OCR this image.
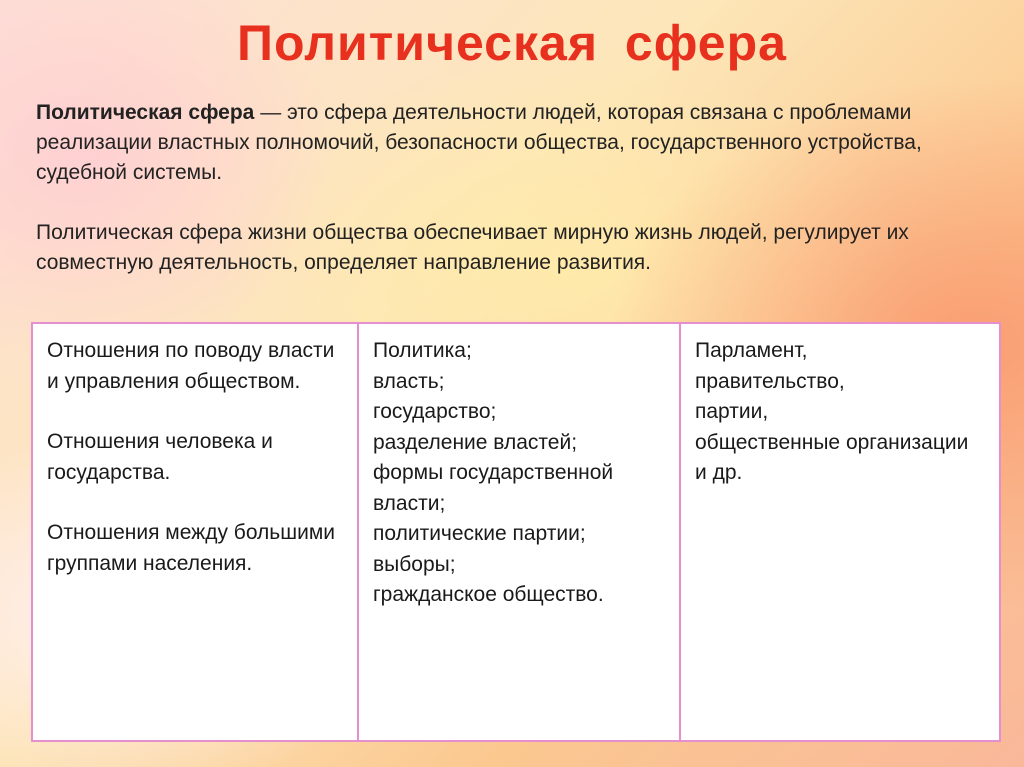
Политическая сфера

Политическая сфера — это сфера деятельности людей, которая связана с проблемами реализации властных полномочий, безопасности общества, государственного устройства, судебной системы.

Политическая сфера жизни общества обеспечивает мирную жизнь людей, регулирует их совместную деятельность, определяет направление развития.

Отношения по поводу власти и управления обществом.
Отношения человека и государства.
Отношения между большими группами населения.
Политика;
власть;
государство;
разделение властей;
формы государственной власти;
политические партии;
выборы;
гражданское общество.
Парламент,
правительство,
партии,
общественные организации и др.
